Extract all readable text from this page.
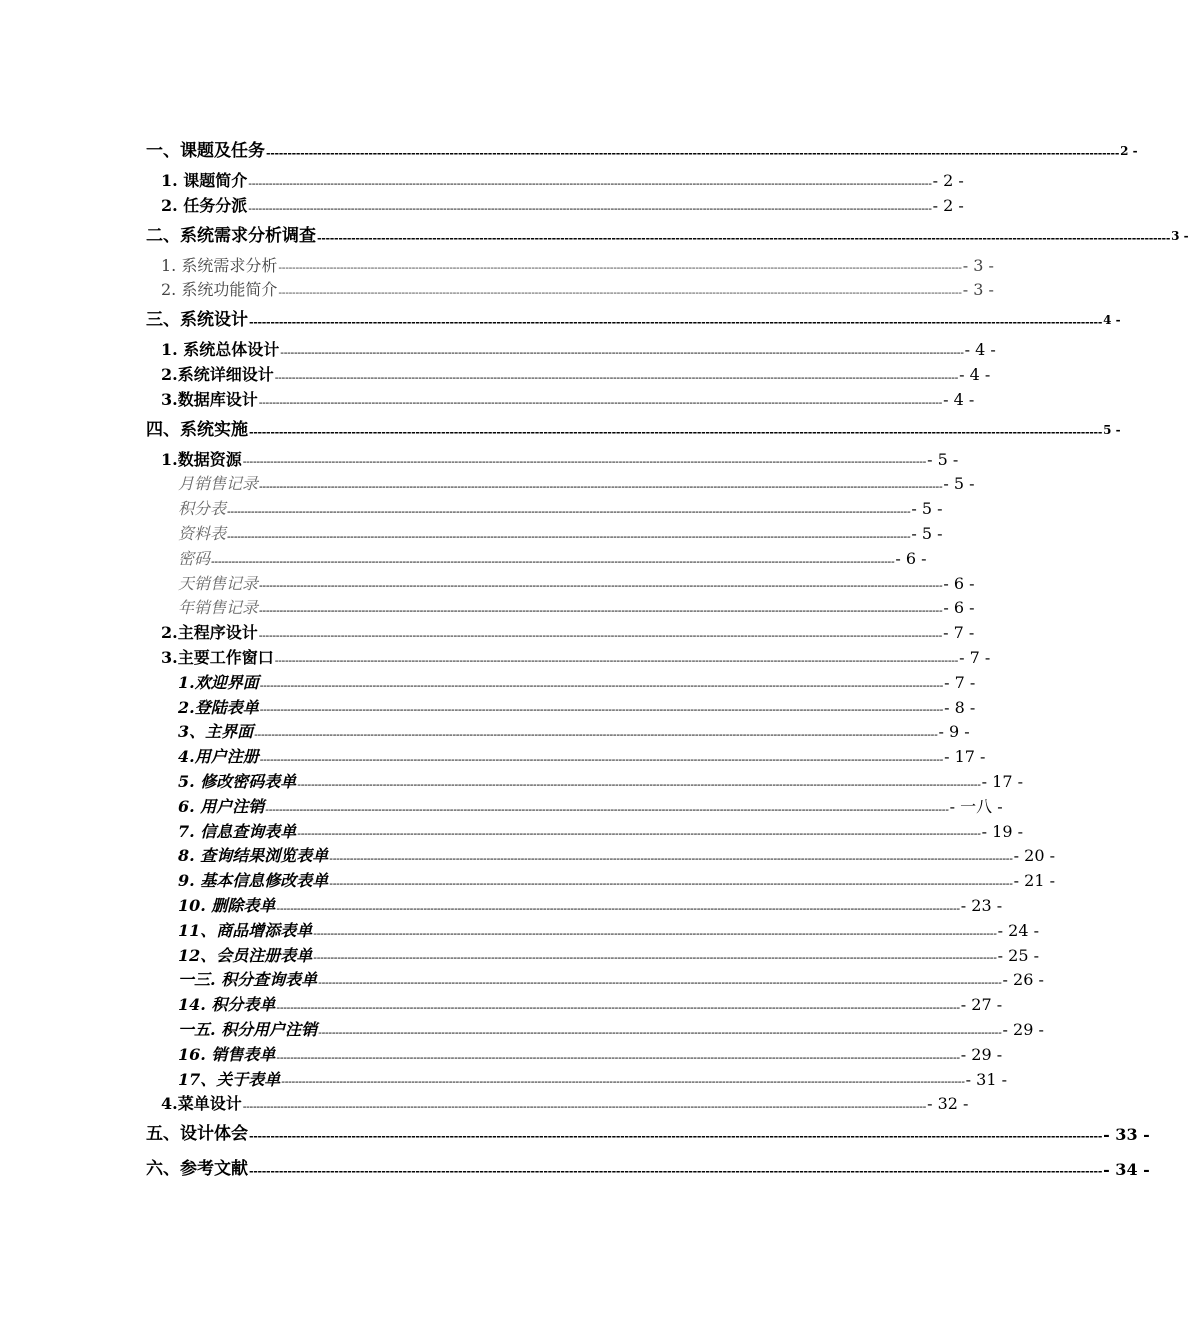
一、课题及任务 -------------------------------------------------------------------------------------------------------------------------------------------------------------------------------------------------------- 2 -
1. 课题简介 -------------------------------------------------------------------------------------------------------------------------------------------------------------------------------------------------------- - 2 -
2. 任务分派 -------------------------------------------------------------------------------------------------------------------------------------------------------------------------------------------------------- - 2 -
二、系统需求分析调查 -------------------------------------------------------------------------------------------------------------------------------------------------------------------------------------------------------- 3 -
1. 系统需求分析 -------------------------------------------------------------------------------------------------------------------------------------------------------------------------------------------------------- - 3 -
2. 系统功能简介 -------------------------------------------------------------------------------------------------------------------------------------------------------------------------------------------------------- - 3 -
三、系统设计 -------------------------------------------------------------------------------------------------------------------------------------------------------------------------------------------------------- 4 -
1. 系统总体设计 -------------------------------------------------------------------------------------------------------------------------------------------------------------------------------------------------------- - 4 -
2.系统详细设计 -------------------------------------------------------------------------------------------------------------------------------------------------------------------------------------------------------- - 4 -
3.数据库设计 -------------------------------------------------------------------------------------------------------------------------------------------------------------------------------------------------------- - 4 -
四、系统实施 -------------------------------------------------------------------------------------------------------------------------------------------------------------------------------------------------------- 5 -
1.数据资源 -------------------------------------------------------------------------------------------------------------------------------------------------------------------------------------------------------- - 5 -
月销售记录 -------------------------------------------------------------------------------------------------------------------------------------------------------------------------------------------------------- - 5 -
积分表 -------------------------------------------------------------------------------------------------------------------------------------------------------------------------------------------------------- - 5 -
资料表 -------------------------------------------------------------------------------------------------------------------------------------------------------------------------------------------------------- - 5 -
密码 -------------------------------------------------------------------------------------------------------------------------------------------------------------------------------------------------------- - 6 -
天销售记录 -------------------------------------------------------------------------------------------------------------------------------------------------------------------------------------------------------- - 6 -
年销售记录 -------------------------------------------------------------------------------------------------------------------------------------------------------------------------------------------------------- - 6 -
2.主程序设计 -------------------------------------------------------------------------------------------------------------------------------------------------------------------------------------------------------- - 7 -
3.主要工作窗口 -------------------------------------------------------------------------------------------------------------------------------------------------------------------------------------------------------- - 7 -
1.欢迎界面 -------------------------------------------------------------------------------------------------------------------------------------------------------------------------------------------------------- - 7 -
2.登陆表单 -------------------------------------------------------------------------------------------------------------------------------------------------------------------------------------------------------- - 8 -
3、主界面 -------------------------------------------------------------------------------------------------------------------------------------------------------------------------------------------------------- - 9 -
4.用户注册 -------------------------------------------------------------------------------------------------------------------------------------------------------------------------------------------------------- - 17 -
5. 修改密码表单 -------------------------------------------------------------------------------------------------------------------------------------------------------------------------------------------------------- - 17 -
6. 用户注销 -------------------------------------------------------------------------------------------------------------------------------------------------------------------------------------------------------- - 一八 -
7. 信息查询表单 -------------------------------------------------------------------------------------------------------------------------------------------------------------------------------------------------------- - 19 -
8. 查询结果浏览表单 -------------------------------------------------------------------------------------------------------------------------------------------------------------------------------------------------------- - 20 -
9. 基本信息修改表单 -------------------------------------------------------------------------------------------------------------------------------------------------------------------------------------------------------- - 21 -
10. 删除表单 -------------------------------------------------------------------------------------------------------------------------------------------------------------------------------------------------------- - 23 -
11、商品增添表单 -------------------------------------------------------------------------------------------------------------------------------------------------------------------------------------------------------- - 24 -
12、会员注册表单 -------------------------------------------------------------------------------------------------------------------------------------------------------------------------------------------------------- - 25 -
一三. 积分查询表单 -------------------------------------------------------------------------------------------------------------------------------------------------------------------------------------------------------- - 26 -
14. 积分表单 -------------------------------------------------------------------------------------------------------------------------------------------------------------------------------------------------------- - 27 -
一五. 积分用户注销 -------------------------------------------------------------------------------------------------------------------------------------------------------------------------------------------------------- - 29 -
16. 销售表单 -------------------------------------------------------------------------------------------------------------------------------------------------------------------------------------------------------- - 29 -
17、关于表单 -------------------------------------------------------------------------------------------------------------------------------------------------------------------------------------------------------- - 31 -
4.菜单设计 -------------------------------------------------------------------------------------------------------------------------------------------------------------------------------------------------------- - 32 -
五、设计体会 -------------------------------------------------------------------------------------------------------------------------------------------------------------------------------------------------------- - 33 -
六、参考文献 -------------------------------------------------------------------------------------------------------------------------------------------------------------------------------------------------------- - 34 -
